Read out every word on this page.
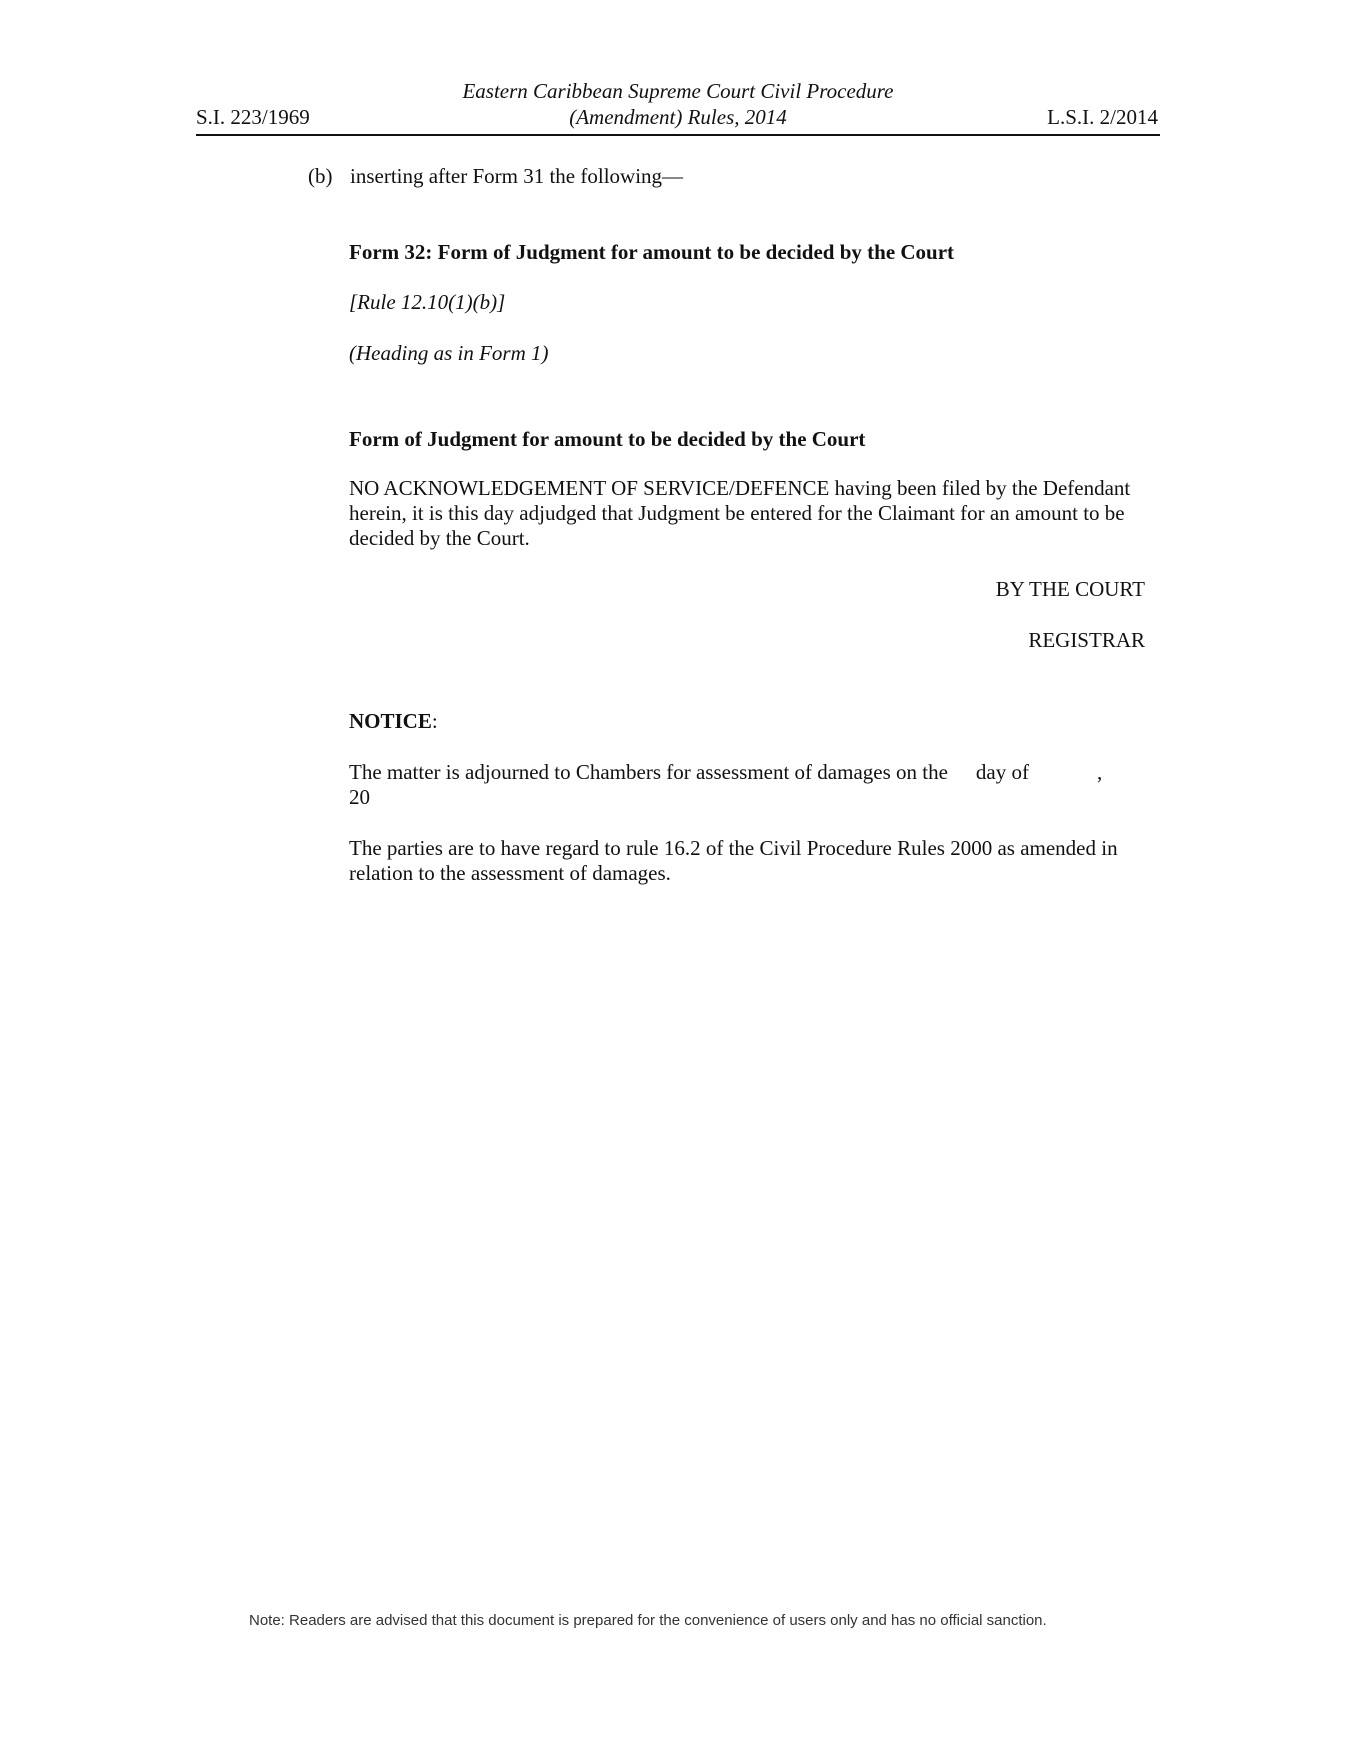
S.I. 223/1969
Eastern Caribbean Supreme Court Civil Procedure
(Amendment) Rules, 2014	L.S.I. 2/2014
(b) inserting after Form 31 the following—

Form 32: Form of Judgment for amount to be decided by the Court

[Rule 12.10(1)(b)]

(Heading as in Form 1)

Form of Judgment for amount to be decided by the Court

NO ACKNOWLEDGEMENT OF SERVICE/DEFENCE having been filed by the Defendant herein, it is this day adjudged that Judgment be entered for the Claimant for an amount to be decided by the Court.

BY THE COURT

REGISTRAR

NOTICE:

The matter is adjourned to Chambers for assessment of damages on the day of	,
20

The parties are to have regard to rule 16.2 of the Civil Procedure Rules 2000 as amended in relation to the assessment of damages.

Note: Readers are advised that this document is prepared for the convenience of users only and has no official sanction.
